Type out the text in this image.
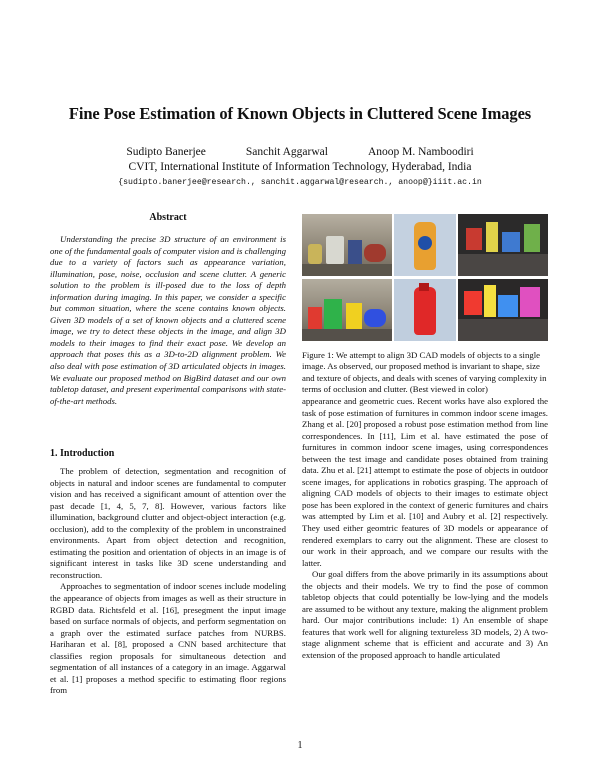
Fine Pose Estimation of Known Objects in Cluttered Scene Images
Sudipto Banerjee	Sanchit Aggarwal	Anoop M. Namboodiri
CVIT, International Institute of Information Technology, Hyderabad, India
{sudipto.banerjee@research., sanchit.aggarwal@research., anoop@}iiit.ac.in
Abstract
Understanding the precise 3D structure of an environment is one of the fundamental goals of computer vision and is challenging due to a variety of factors such as appearance variation, illumination, pose, noise, occlusion and scene clutter. A generic solution to the problem is ill-posed due to the loss of depth information during imaging. In this paper, we consider a specific but common situation, where the scene contains known objects. Given 3D models of a set of known objects and a cluttered scene image, we try to detect these objects in the image, and align 3D models to their images to find their exact pose. We develop an approach that poses this as a 3D-to-2D alignment problem. We also deal with pose estimation of 3D articulated objects in images. We evaluate our proposed method on BigBird dataset and our own tabletop dataset, and present experimental comparisons with state-of-the-art methods.
1. Introduction

The problem of detection, segmentation and recognition of objects in natural and indoor scenes are fundamental to computer vision and has received a significant amount of attention over the past decade [1, 4, 5, 7, 8]. However, various factors like illumination, background clutter and object-object interaction (e.g. occlusion), add to the complexity of the problem in unconstrained environments. Apart from object detection and recognition, estimating the position and orientation of objects in an image is of significant interest in tasks like 3D scene understanding and reconstruction.

Approaches to segmentation of indoor scenes include modeling the appearance of objects from images as well as their structure in RGBD data. Richtsfeld et al. [16], presegment the input image based on surface normals of objects, and perform segmentation on a graph over the estimated surface patches from NURBS. Hariharan et al. [8], proposed a CNN based architecture that classifies region proposals for simultaneous detection and segmentation of all instances of a category in an image. Aggarwal et al. [1] proposes a method specific to estimating floor regions from

Figure 1: We attempt to align 3D CAD models of objects to a single image. As observed, our proposed method is invariant to shape, size and texture of objects, and deals with scenes of varying complexity in terms of occlusion and clutter. (Best viewed in color)

appearance and geometric cues. Recent works have also explored the task of pose estimation of furnitures in common indoor scene images. Zhang et al. [20] proposed a robust pose estimation method from line correspondences. In [11], Lim et al. have estimated the pose of furnitures in common indoor scene images, using correspondences between the test image and candidate poses obtained from training data. Zhu et al. [21] attempt to estimate the pose of objects in outdoor scene images, for applications in robotics grasping. The approach of aligning CAD models of objects to their images to estimate object pose has been explored in the context of generic furnitures and chairs was attempted by Lim et al. [10] and Aubry et al. [2] respectively. They used either geomtric features of 3D models or appearance of rendered exemplars to carry out the alignment. These are closest to our work in their approach, and we compare our results with the latter.

Our goal differs from the above primarily in its assumptions about the objects and their models. We try to find the pose of common tabletop objects that could potentially be low-lying and the models are assumed to be without any texture, making the alignment problem hard. Our major contributions include: 1) An ensemble of shape features that work well for aligning textureless 3D models, 2) A two-stage alignment scheme that is efficient and accurate and 3) An extension of the proposed approach to handle articulated

1
